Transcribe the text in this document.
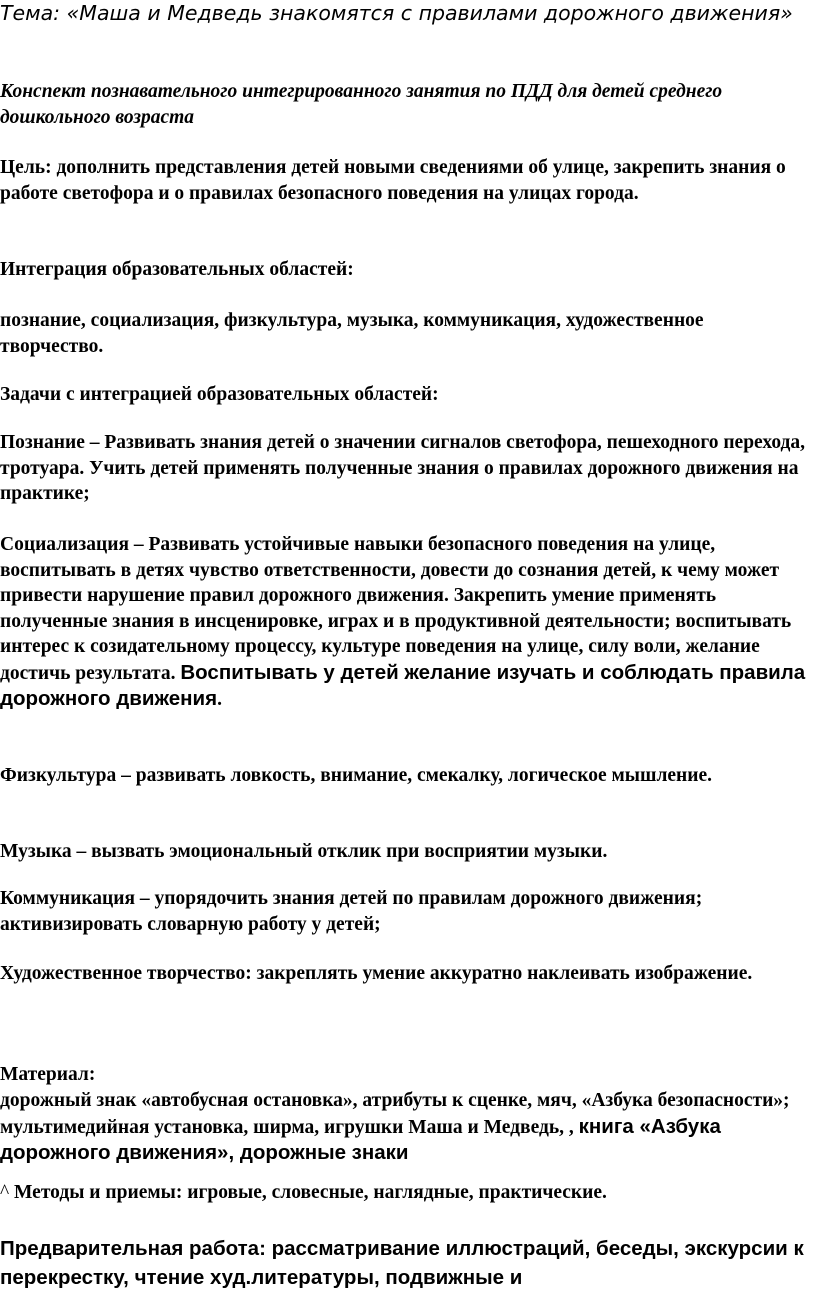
Тема: «Маша и Медведь знакомятся с правилами дорожного движения»

Конспект познавательного интегрированного занятия по ПДД для детей среднего дошкольного возраста

Цель: дополнить представления детей новыми сведениями об улице, закрепить знания о работе светофора и о правилах безопасного поведения на улицах города.

Интеграция образовательных областей:

познание, социализация, физкультура, музыка, коммуникация, художественное творчество.

Задачи с интеграцией образовательных областей:

Познание – Развивать знания детей о значении сигналов светофора, пешеходного перехода, тротуара. Учить детей применять полученные знания о правилах дорожного движения на практике;

Социализация – Развивать устойчивые навыки безопасного поведения на улице, воспитывать в детях чувство ответственности, довести до сознания детей, к чему может привести нарушение правил дорожного движения. Закрепить умение применять полученные знания в инсценировке, играх и в продуктивной деятельности; воспитывать интерес к созидательному процессу, культуре поведения на улице, силу воли, желание достичь результата. Воспитывать у детей желание изучать и соблюдать правила дорожного движения.

Физкультура – развивать ловкость, внимание, смекалку, логическое мышление.

Музыка – вызвать эмоциональный отклик при восприятии музыки.

Коммуникация – упорядочить знания детей по правилам дорожного движения; активизировать словарную работу у детей;

Художественное творчество: закреплять умение аккуратно наклеивать изображение.

Материал:

дорожный знак «автобусная остановка», атрибуты к сценке, мяч, «Азбука безопасности»; мультимедийная установка, ширма, игрушки Маша и Медведь, , книга «Азбука дорожного движения», дорожные знаки

^ Методы и приемы: игровые, словесные, наглядные, практические.

Предварительная работа: рассматривание иллюстраций, беседы, экскурсии к перекрестку, чтение худ.литературы, подвижные и
